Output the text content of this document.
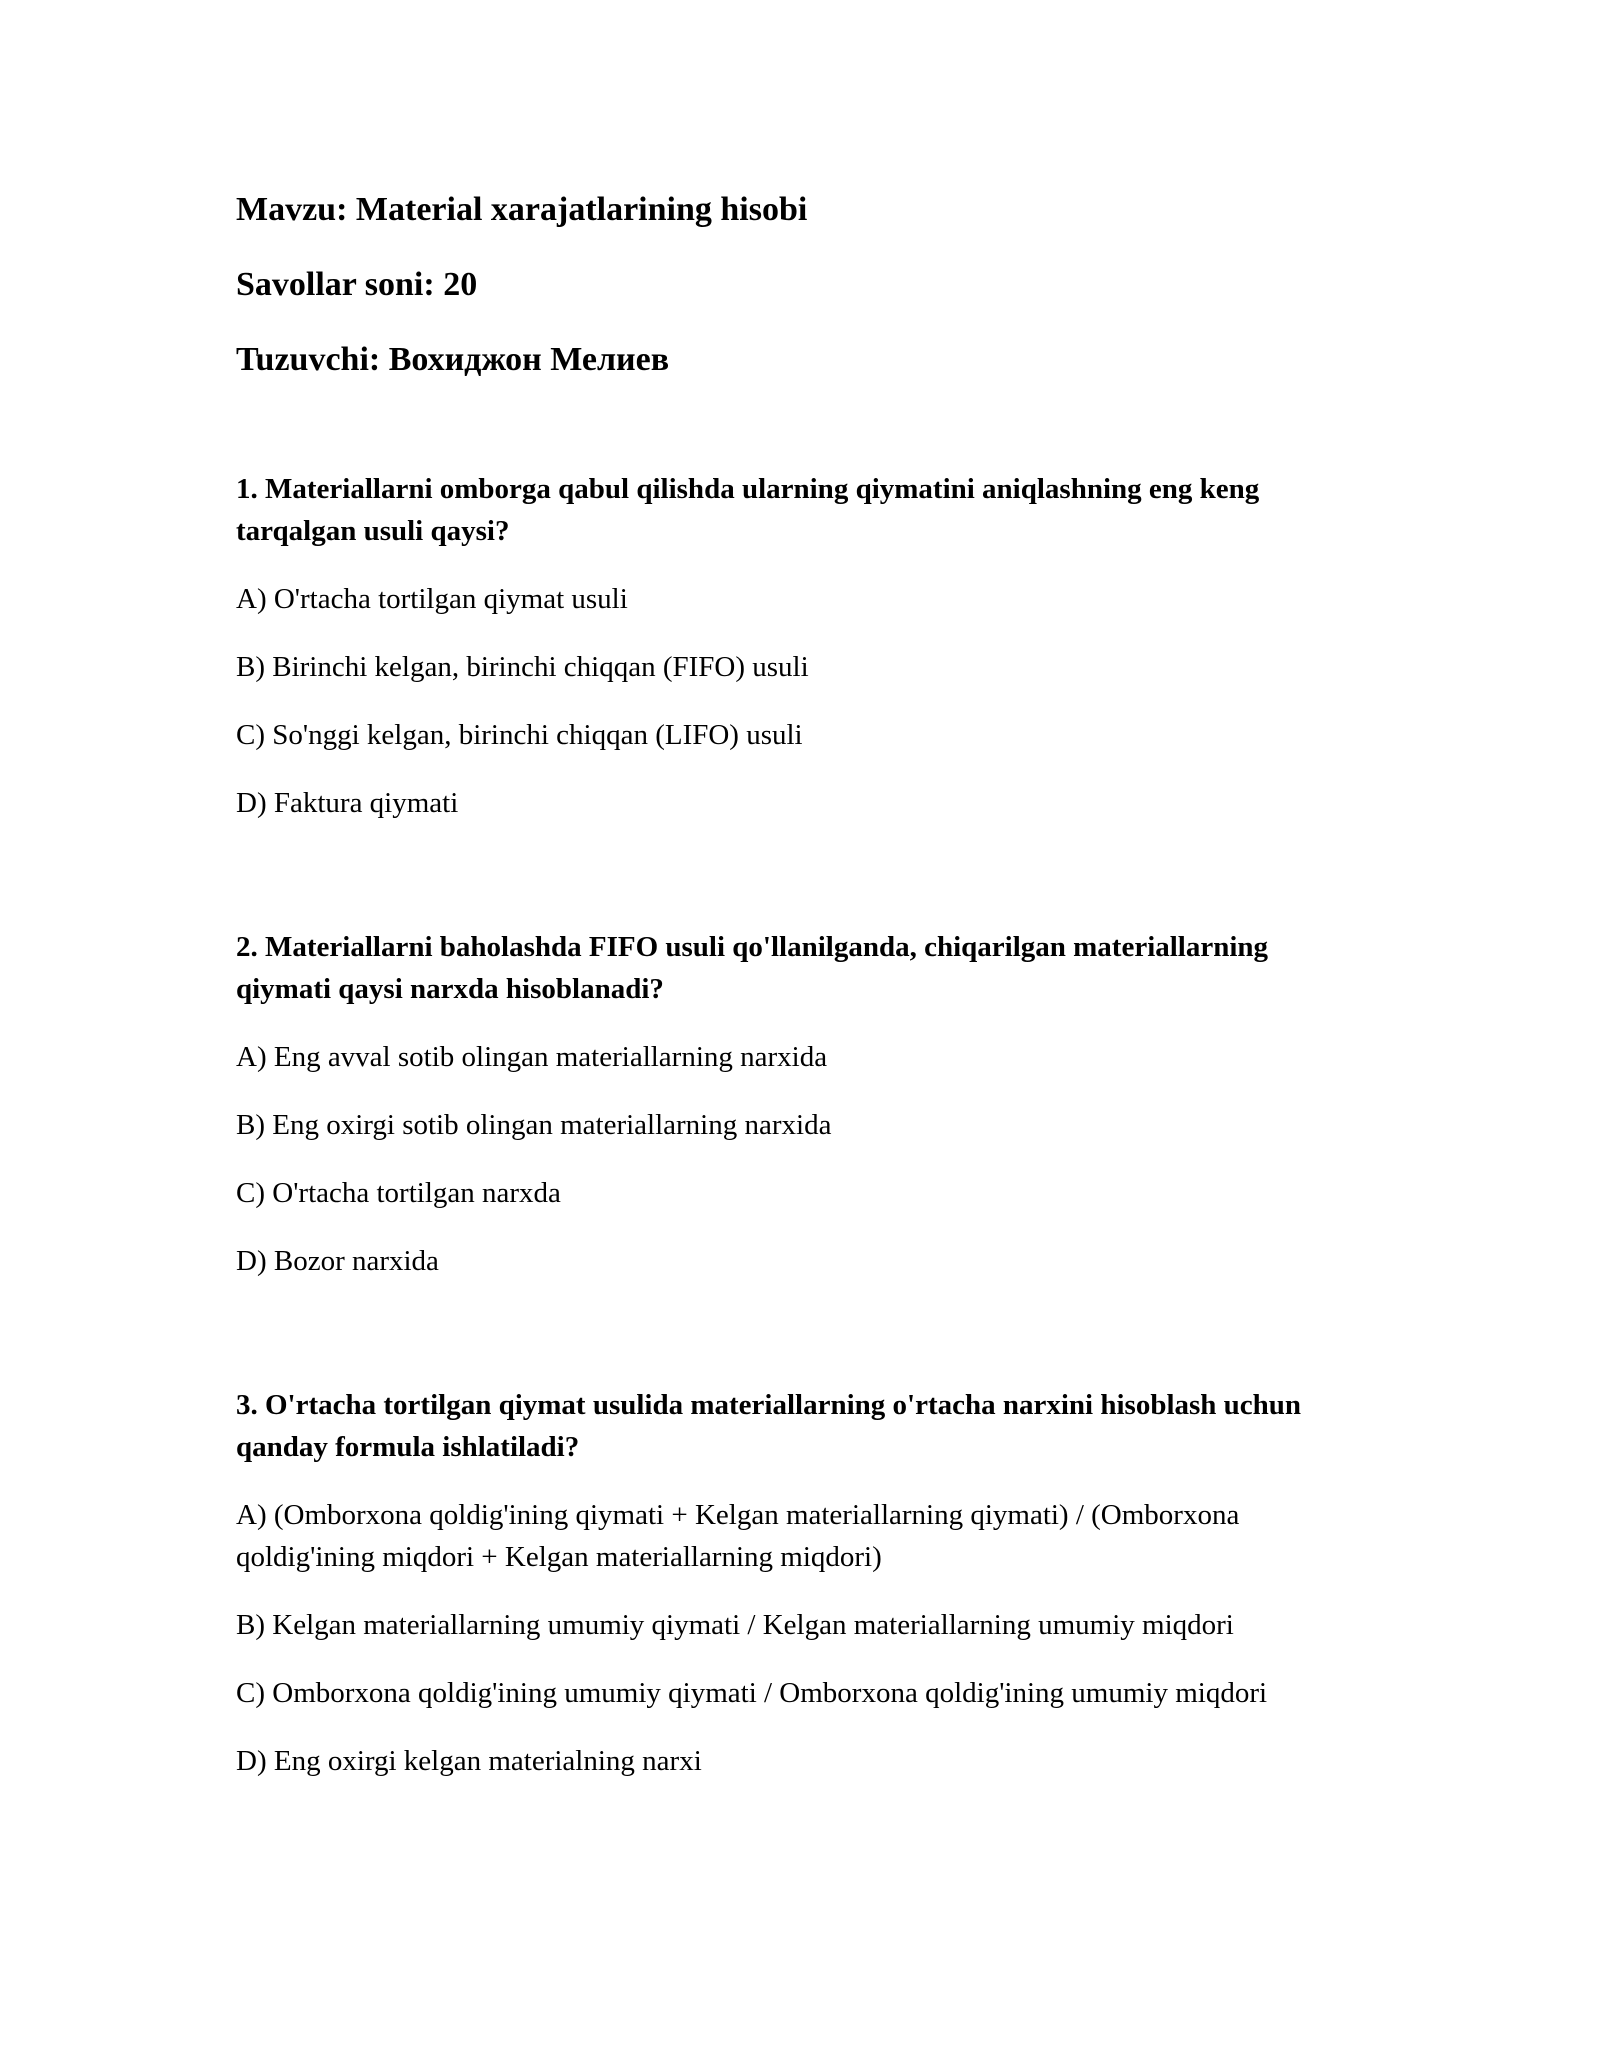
Mavzu: Material xarajatlarining hisobi

Savollar soni: 20

Tuzuvchi: Вохиджон Мелиев

1. Materiallarni omborga qabul qilishda ularning qiymatini aniqlashning eng keng tarqalgan usuli qaysi?

A) O'rtacha tortilgan qiymat usuli

B) Birinchi kelgan, birinchi chiqqan (FIFO) usuli

C) So'nggi kelgan, birinchi chiqqan (LIFO) usuli

D) Faktura qiymati

2. Materiallarni baholashda FIFO usuli qo'llanilganda, chiqarilgan materiallarning qiymati qaysi narxda hisoblanadi?

A) Eng avval sotib olingan materiallarning narxida

B) Eng oxirgi sotib olingan materiallarning narxida

C) O'rtacha tortilgan narxda

D) Bozor narxida

3. O'rtacha tortilgan qiymat usulida materiallarning o'rtacha narxini hisoblash uchun qanday formula ishlatiladi?

A) (Omborxona qoldig'ining qiymati + Kelgan materiallarning qiymati) / (Omborxona qoldig'ining miqdori + Kelgan materiallarning miqdori)

B) Kelgan materiallarning umumiy qiymati / Kelgan materiallarning umumiy miqdori

C) Omborxona qoldig'ining umumiy qiymati / Omborxona qoldig'ining umumiy miqdori

D) Eng oxirgi kelgan materialning narxi
